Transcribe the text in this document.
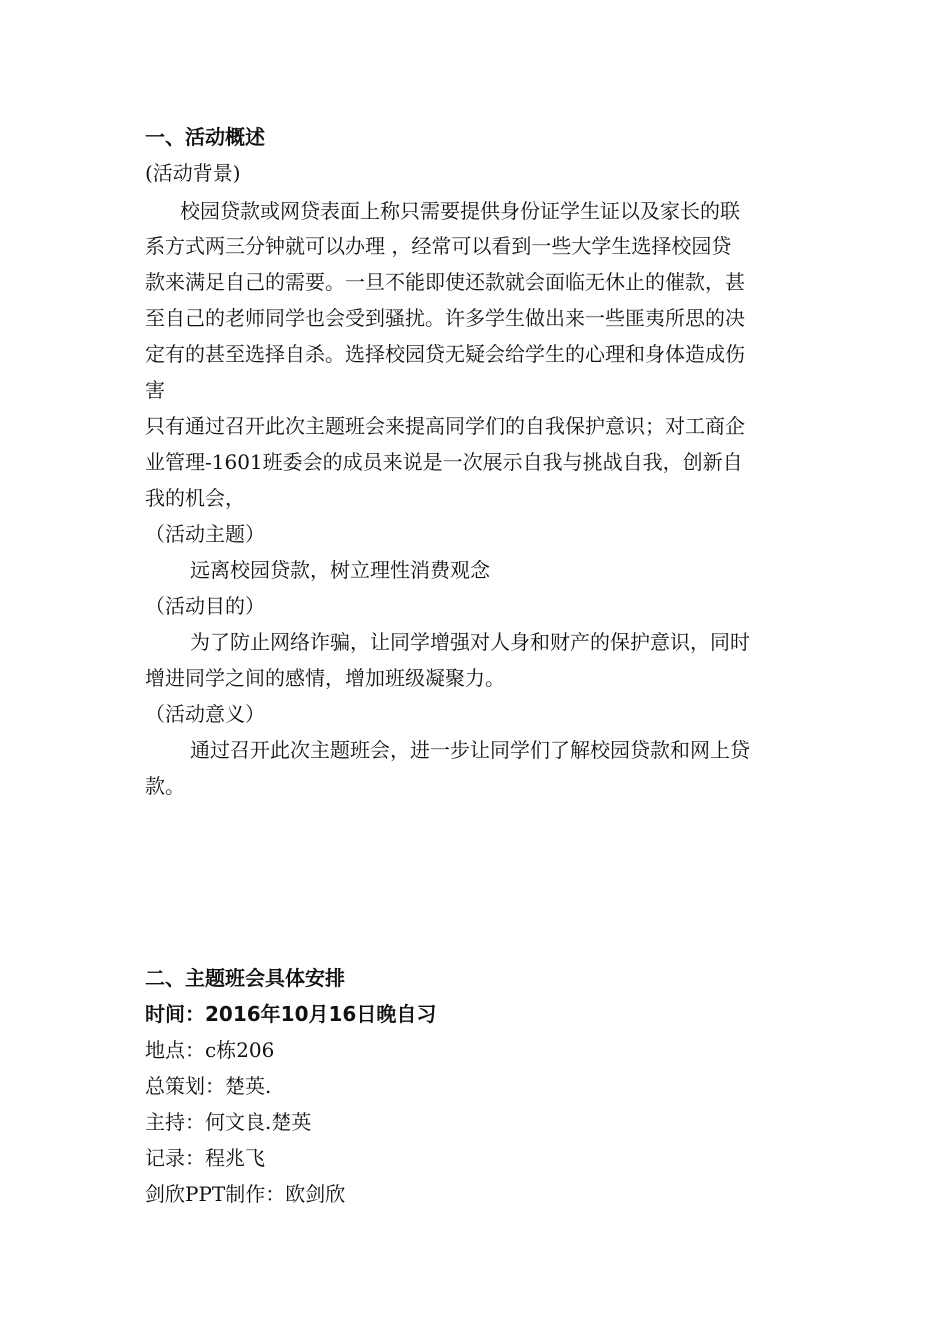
一、活动概述
(活动背景)
校园贷款或网贷表面上称只需要提供身份证学生证以及家长的联
系方式两三分钟就可以办理 ，经常可以看到一些大学生选择校园贷
款来满足自己的需要。一旦不能即使还款就会面临无休止的催款，甚
至自己的老师同学也会受到骚扰。许多学生做出来一些匪夷所思的决
定有的甚至选择自杀。选择校园贷无疑会给学生的心理和身体造成伤
害
只有通过召开此次主题班会来提高同学们的自我保护意识；对工商企
业管理-1601班委会的成员来说是一次展示自我与挑战自我，创新自
我的机会，
（活动主题）
远离校园贷款，树立理性消费观念
（活动目的）
为了防止网络诈骗，让同学增强对人身和财产的保护意识，同时
增进同学之间的感情，增加班级凝聚力。
（活动意义）
通过召开此次主题班会，进一步让同学们了解校园贷款和网上贷
款。
二、主题班会具体安排
时间：2016年10月16日晚自习
地点：c栋206
总策划：楚英.
主持：何文良.楚英
记录：程兆飞
剑欣PPT制作：欧剑欣
